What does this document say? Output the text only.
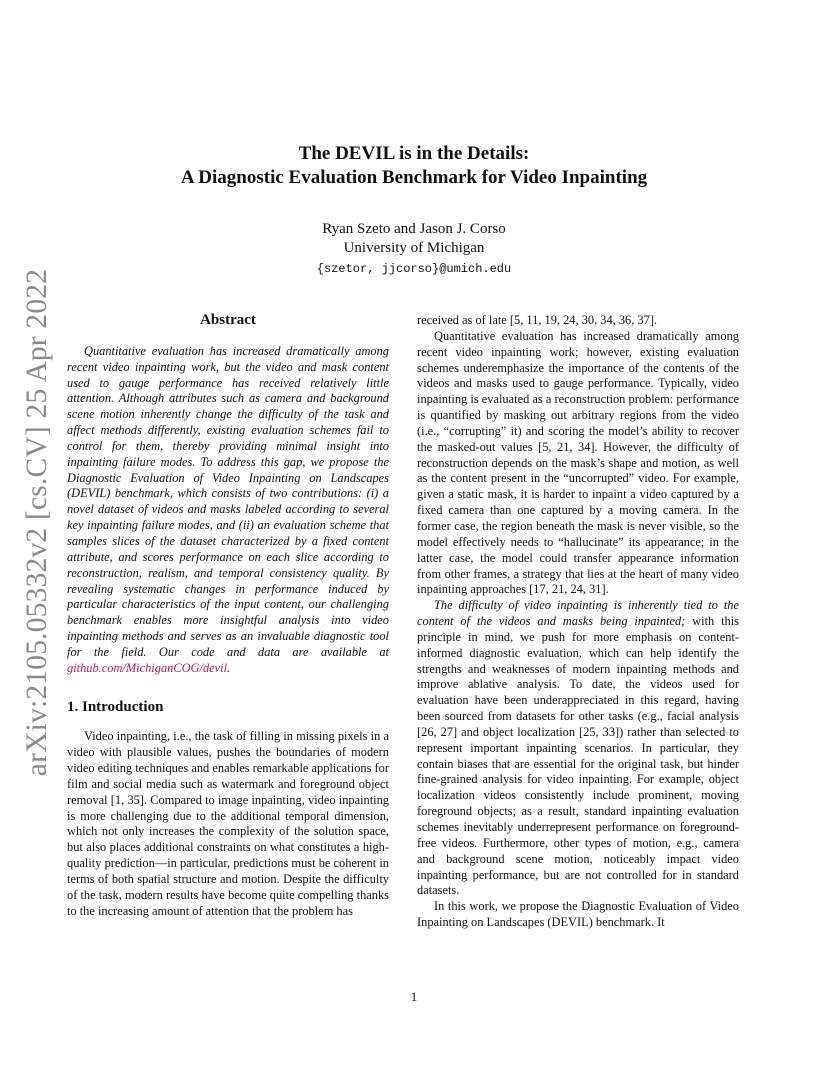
arXiv:2105.05332v2 [cs.CV] 25 Apr 2022
The DEVIL is in the Details:
A Diagnostic Evaluation Benchmark for Video Inpainting
Ryan Szeto and Jason J. Corso
University of Michigan
{szetor, jjcorso}@umich.edu
Abstract

Quantitative evaluation has increased dramatically among recent video inpainting work, but the video and mask content used to gauge performance has received relatively little attention. Although attributes such as camera and background scene motion inherently change the difficulty of the task and affect methods differently, existing evaluation schemes fail to control for them, thereby providing minimal insight into inpainting failure modes. To address this gap, we propose the Diagnostic Evaluation of Video Inpainting on Landscapes (DEVIL) benchmark, which consists of two contributions: (i) a novel dataset of videos and masks labeled according to several key inpainting failure modes, and (ii) an evaluation scheme that samples slices of the dataset characterized by a fixed content attribute, and scores performance on each slice according to reconstruction, realism, and temporal consistency quality. By revealing systematic changes in performance induced by particular characteristics of the input content, our challenging benchmark enables more insightful analysis into video inpainting methods and serves as an invaluable diagnostic tool for the field. Our code and data are available at github.com/MichiganCOG/devil.

1. Introduction

Video inpainting, i.e., the task of filling in missing pixels in a video with plausible values, pushes the boundaries of modern video editing techniques and enables remarkable applications for film and social media such as watermark and foreground object removal [1, 35]. Compared to image inpainting, video inpainting is more challenging due to the additional temporal dimension, which not only increases the complexity of the solution space, but also places additional constraints on what constitutes a high-quality prediction—in particular, predictions must be coherent in terms of both spatial structure and motion. Despite the difficulty of the task, modern results have become quite compelling thanks to the increasing amount of attention that the problem has

received as of late [5, 11, 19, 24, 30, 34, 36, 37].

Quantitative evaluation has increased dramatically among recent video inpainting work; however, existing evaluation schemes underemphasize the importance of the contents of the videos and masks used to gauge performance. Typically, video inpainting is evaluated as a reconstruction problem: performance is quantified by masking out arbitrary regions from the video (i.e., “corrupting” it) and scoring the model’s ability to recover the masked-out values [5, 21, 34]. However, the difficulty of reconstruction depends on the mask’s shape and motion, as well as the content present in the “uncorrupted” video. For example, given a static mask, it is harder to inpaint a video captured by a fixed camera than one captured by a moving camera. In the former case, the region beneath the mask is never visible, so the model effectively needs to “hallucinate” its appearance; in the latter case, the model could transfer appearance information from other frames, a strategy that lies at the heart of many video inpainting approaches [17, 21, 24, 31].

The difficulty of video inpainting is inherently tied to the content of the videos and masks being inpainted; with this principle in mind, we push for more emphasis on content-informed diagnostic evaluation, which can help identify the strengths and weaknesses of modern inpainting methods and improve ablative analysis. To date, the videos used for evaluation have been underappreciated in this regard, having been sourced from datasets for other tasks (e.g., facial analysis [26, 27] and object localization [25, 33]) rather than selected to represent important inpainting scenarios. In particular, they contain biases that are essential for the original task, but hinder fine-grained analysis for video inpainting. For example, object localization videos consistently include prominent, moving foreground objects; as a result, standard inpainting evaluation schemes inevitably underrepresent performance on foreground-free videos. Furthermore, other types of motion, e.g., camera and background scene motion, noticeably impact video inpainting performance, but are not controlled for in standard datasets.

In this work, we propose the Diagnostic Evaluation of Video Inpainting on Landscapes (DEVIL) benchmark. It

1
